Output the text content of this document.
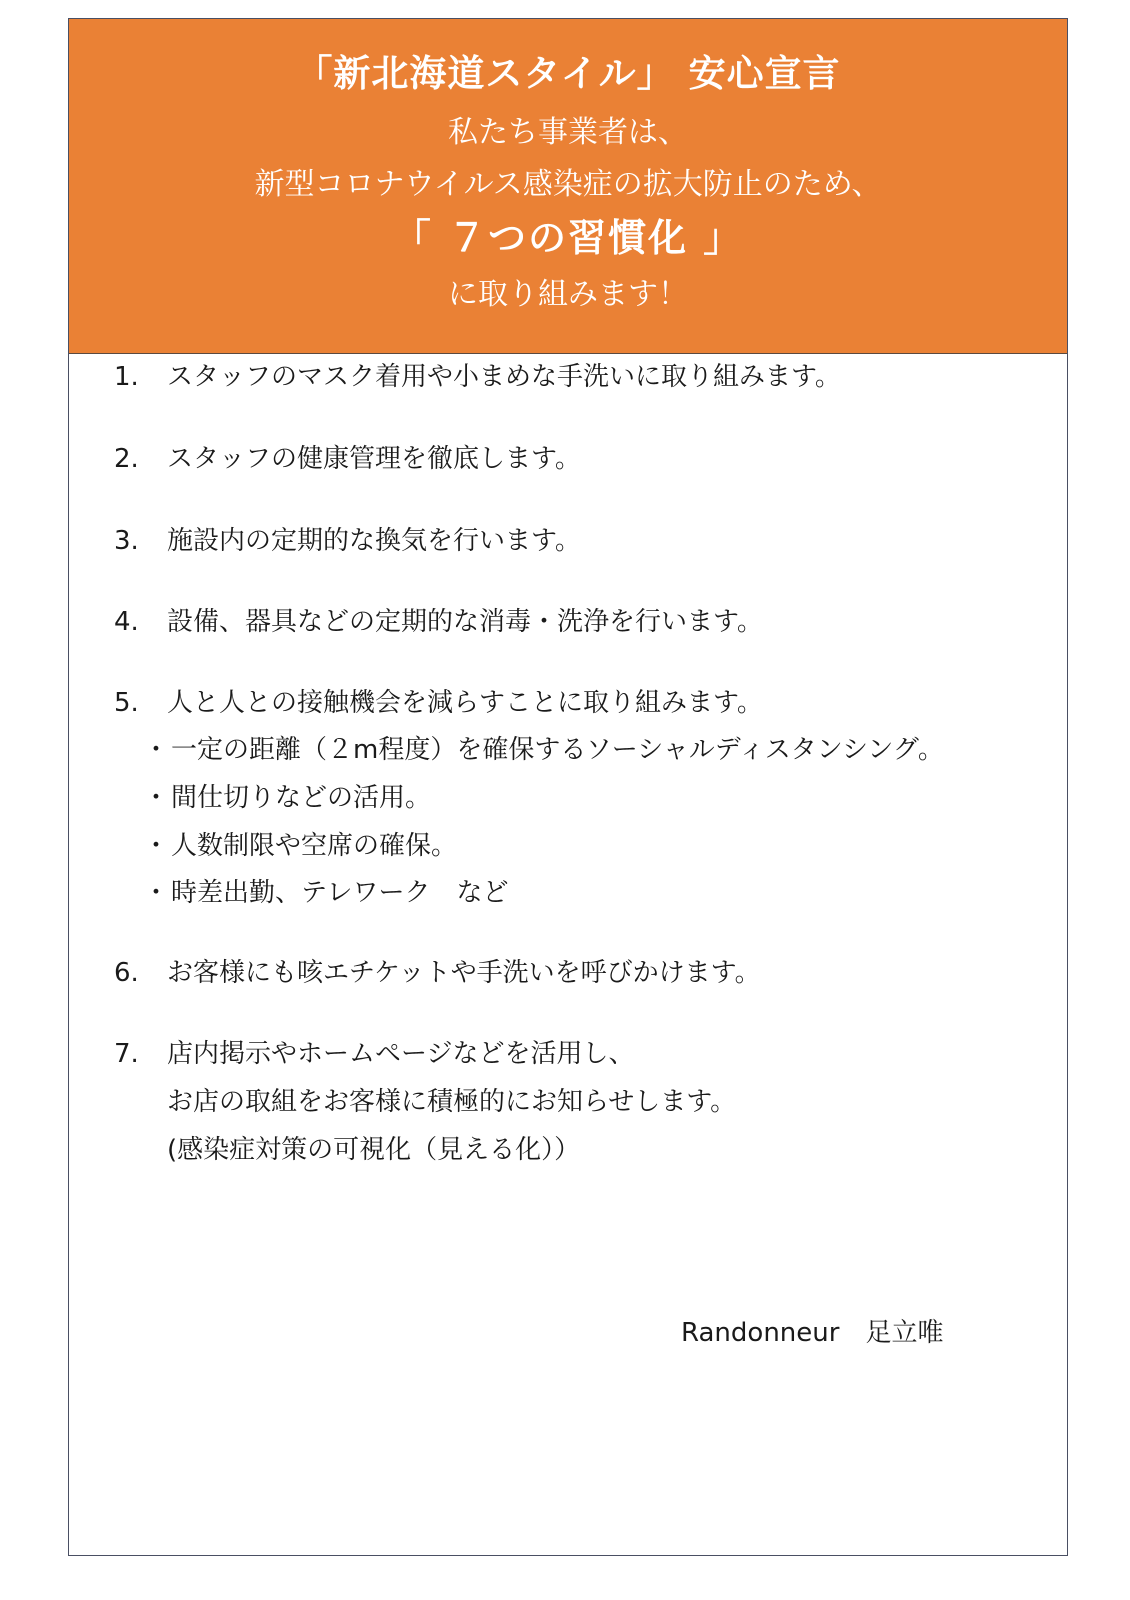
「新北海道スタイル」 安心宣言
私たち事業者は、
新型コロナウイルス感染症の拡大防止のため、
「 ７つの習慣化 」
に取り組みます！
1. スタッフのマスク着用や小まめな手洗いに取り組みます。
2. スタッフの健康管理を徹底します。
3. 施設内の定期的な換気を行います。
4. 設備、器具などの定期的な消毒・洗浄を行います。
5. 人と人との接触機会を減らすことに取り組みます。
・一定の距離（２m程度）を確保するソーシャルディスタンシング。
・間仕切りなどの活用。
・人数制限や空席の確保。
・時差出勤、テレワーク　など
6. お客様にも咳エチケットや手洗いを呼びかけます。
7. 店内掲示やホームページなどを活用し、
お店の取組をお客様に積極的にお知らせします。
(感染症対策の可視化（見える化））
Randonneur　足立唯
